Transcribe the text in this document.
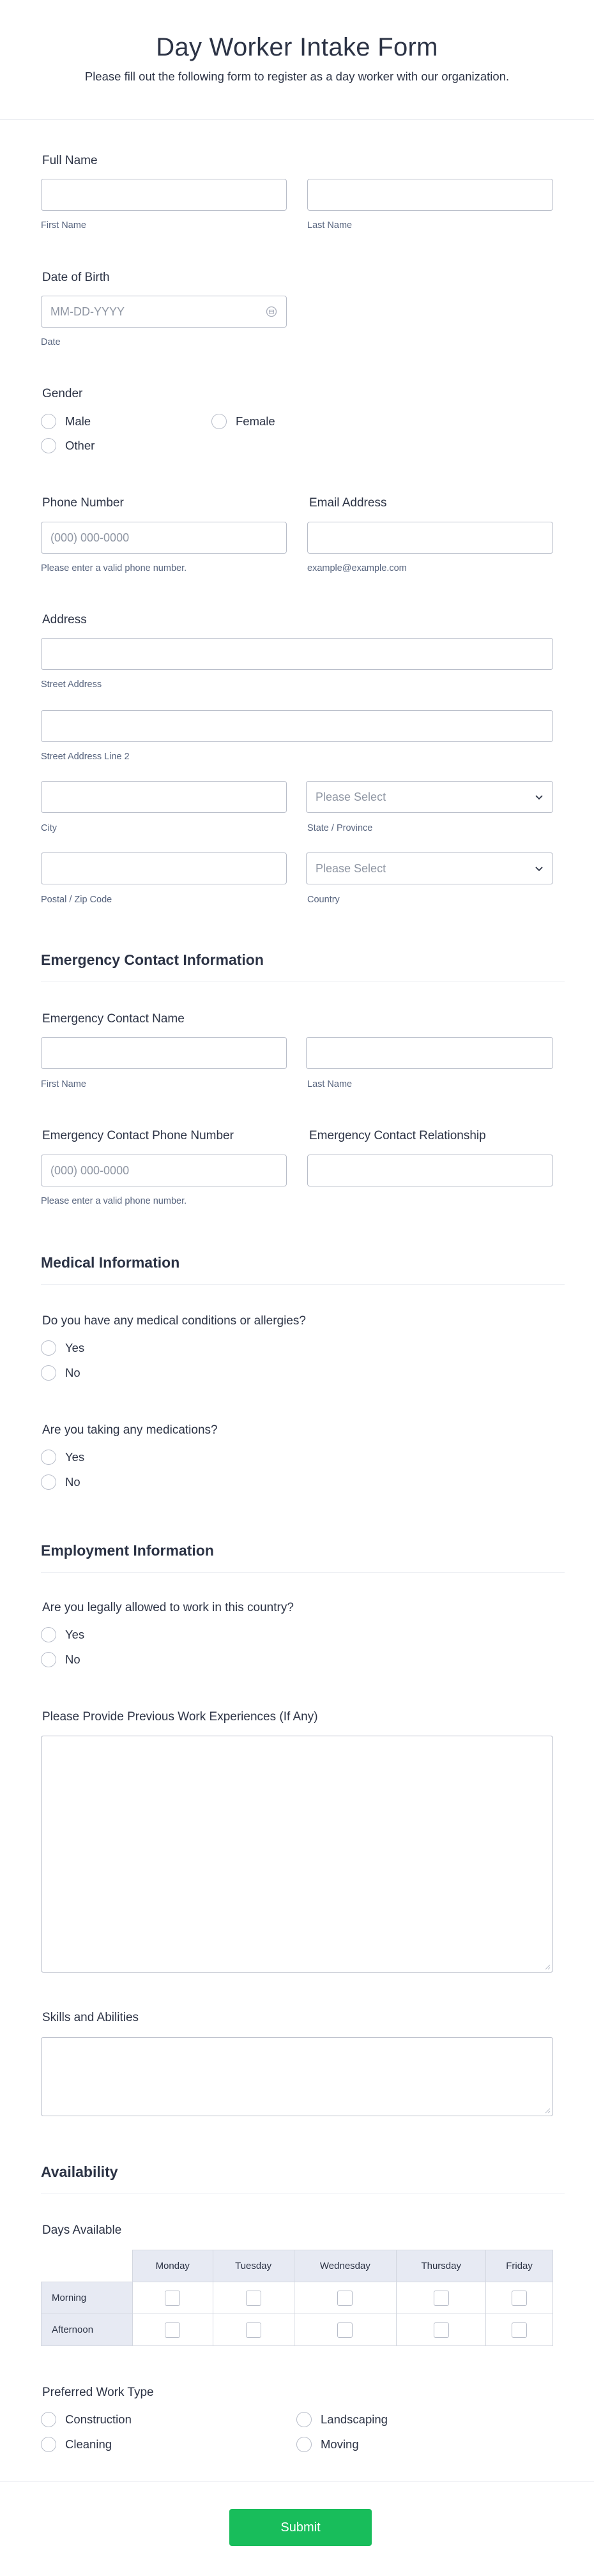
Day Worker Intake Form

Please fill out the following form to register as a day worker with our organization.

Full Name
First Name	Last Name
Date of Birth
MM-DD-YYYY
Date
Gender
Male	Female
Other
Phone Number	Email Address
(000) 000-0000
Please enter a valid phone number.	example@example.com
Address
Street Address
Street Address Line 2
Please Select
City	State / Province
Please Select
Postal / Zip Code	Country
Emergency Contact Information
Emergency Contact Name
First Name	Last Name
Emergency Contact Phone Number	Emergency Contact Relationship
(000) 000-0000
Please enter a valid phone number.
Medical Information
Do you have any medical conditions or allergies?
Yes
No
Are you taking any medications?
Yes
No
Employment Information
Are you legally allowed to work in this country?
Yes
No
Please Provide Previous Work Experiences (If Any)
Skills and Abilities
Availability
Days Available
	Monday	Tuesday	Wednesday	Thursday	Friday
Morning					
Afternoon					
Preferred Work Type
Construction	Landscaping
Cleaning	Moving
Submit
